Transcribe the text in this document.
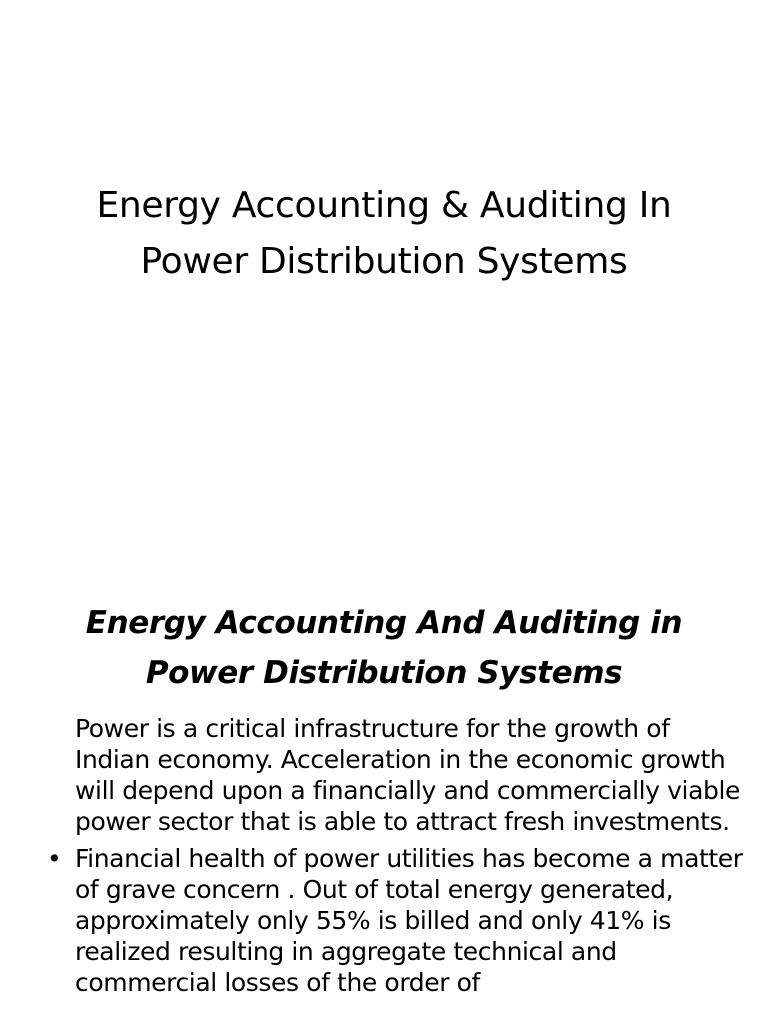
Energy Accounting & Auditing In
Power Distribution Systems
Energy Accounting And Auditing in
Power Distribution Systems

Power is a critical infrastructure for the growth of Indian economy. Acceleration in the economic growth will depend upon a financially and commercially viable power sector that is able to attract fresh investments.

• Financial health of power utilities has become a matter of grave concern . Out of total energy generated, approximately only 55% is billed and only 41% is realized resulting in aggregate technical and commercial losses of the order of
